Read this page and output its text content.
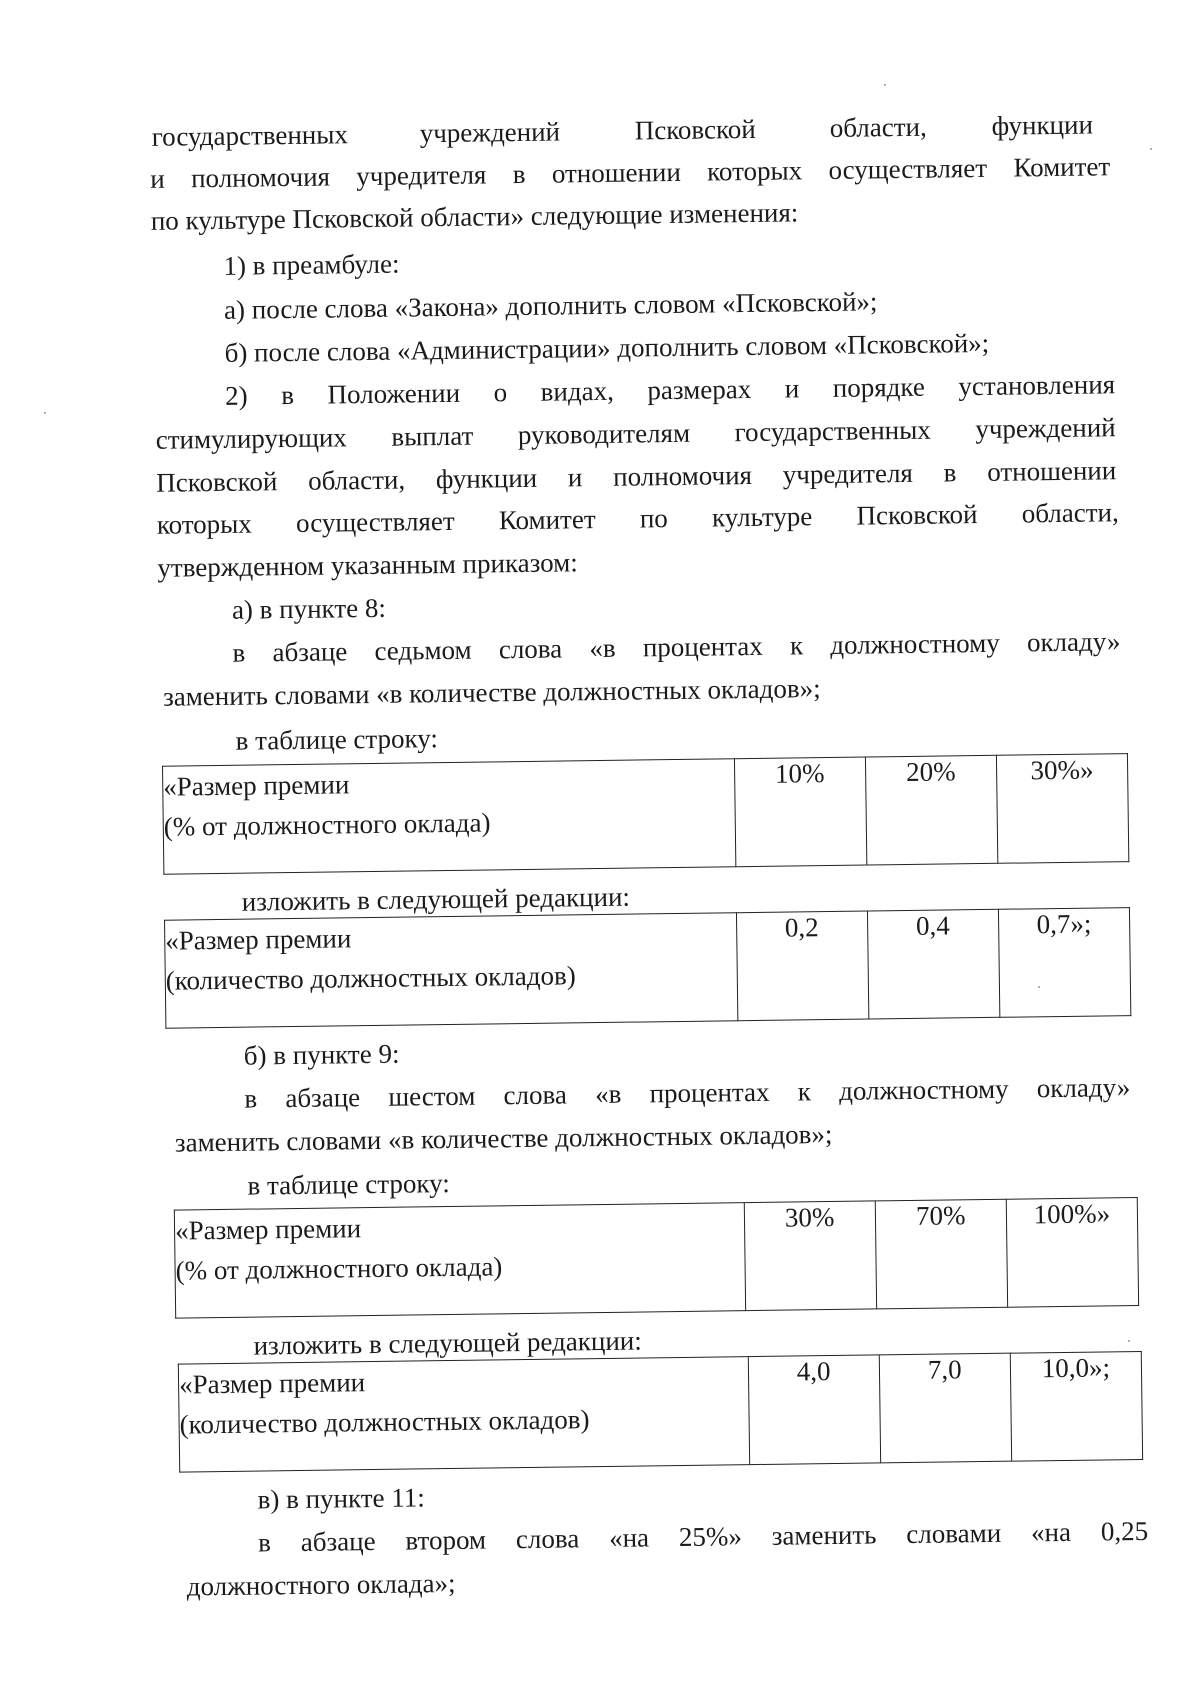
государственных	учреждений	Псковской	области, функции
и полномочия учредителя в отношении которых осуществляет Комитет
по культуре Псковской области» следующие изменения:
1) в преамбуле:
а) после слова «Закона» дополнить словом «Псковской»;
б) после слова «Администрации» дополнить словом «Псковской»;
2) в Положении о видах, размерах и порядке установления
стимулирующих выплат руководителям государственных учреждений
Псковской области, функции и полномочия учредителя в отношении
которых осуществляет Комитет по культуре Псковской области,
утвержденном указанным приказом:
а) в пункте 8:
в абзаце седьмом слова «в процентах к должностному окладу»
заменить словами «в количестве должностных окладов»;
в таблице строку:
«Размер премии
(% от должностного оклада)
	10%	20%	30%»
изложить в следующей редакции:
«Размер премии
(количество должностных окладов)
	0,2	0,4	0,7»;
б) в пункте 9:
в абзаце шестом слова «в процентах к должностному окладу»
заменить словами «в количестве должностных окладов»;
в таблице строку:
«Размер премии
(% от должностного оклада)
	30%	70%	100%»
изложить в следующей редакции:
«Размер премии
(количество должностных окладов)
	4,0	7,0	10,0»;
в) в пункте 11:
в абзаце втором слова «на 25%» заменить словами «на 0,25
должностного оклада»;
